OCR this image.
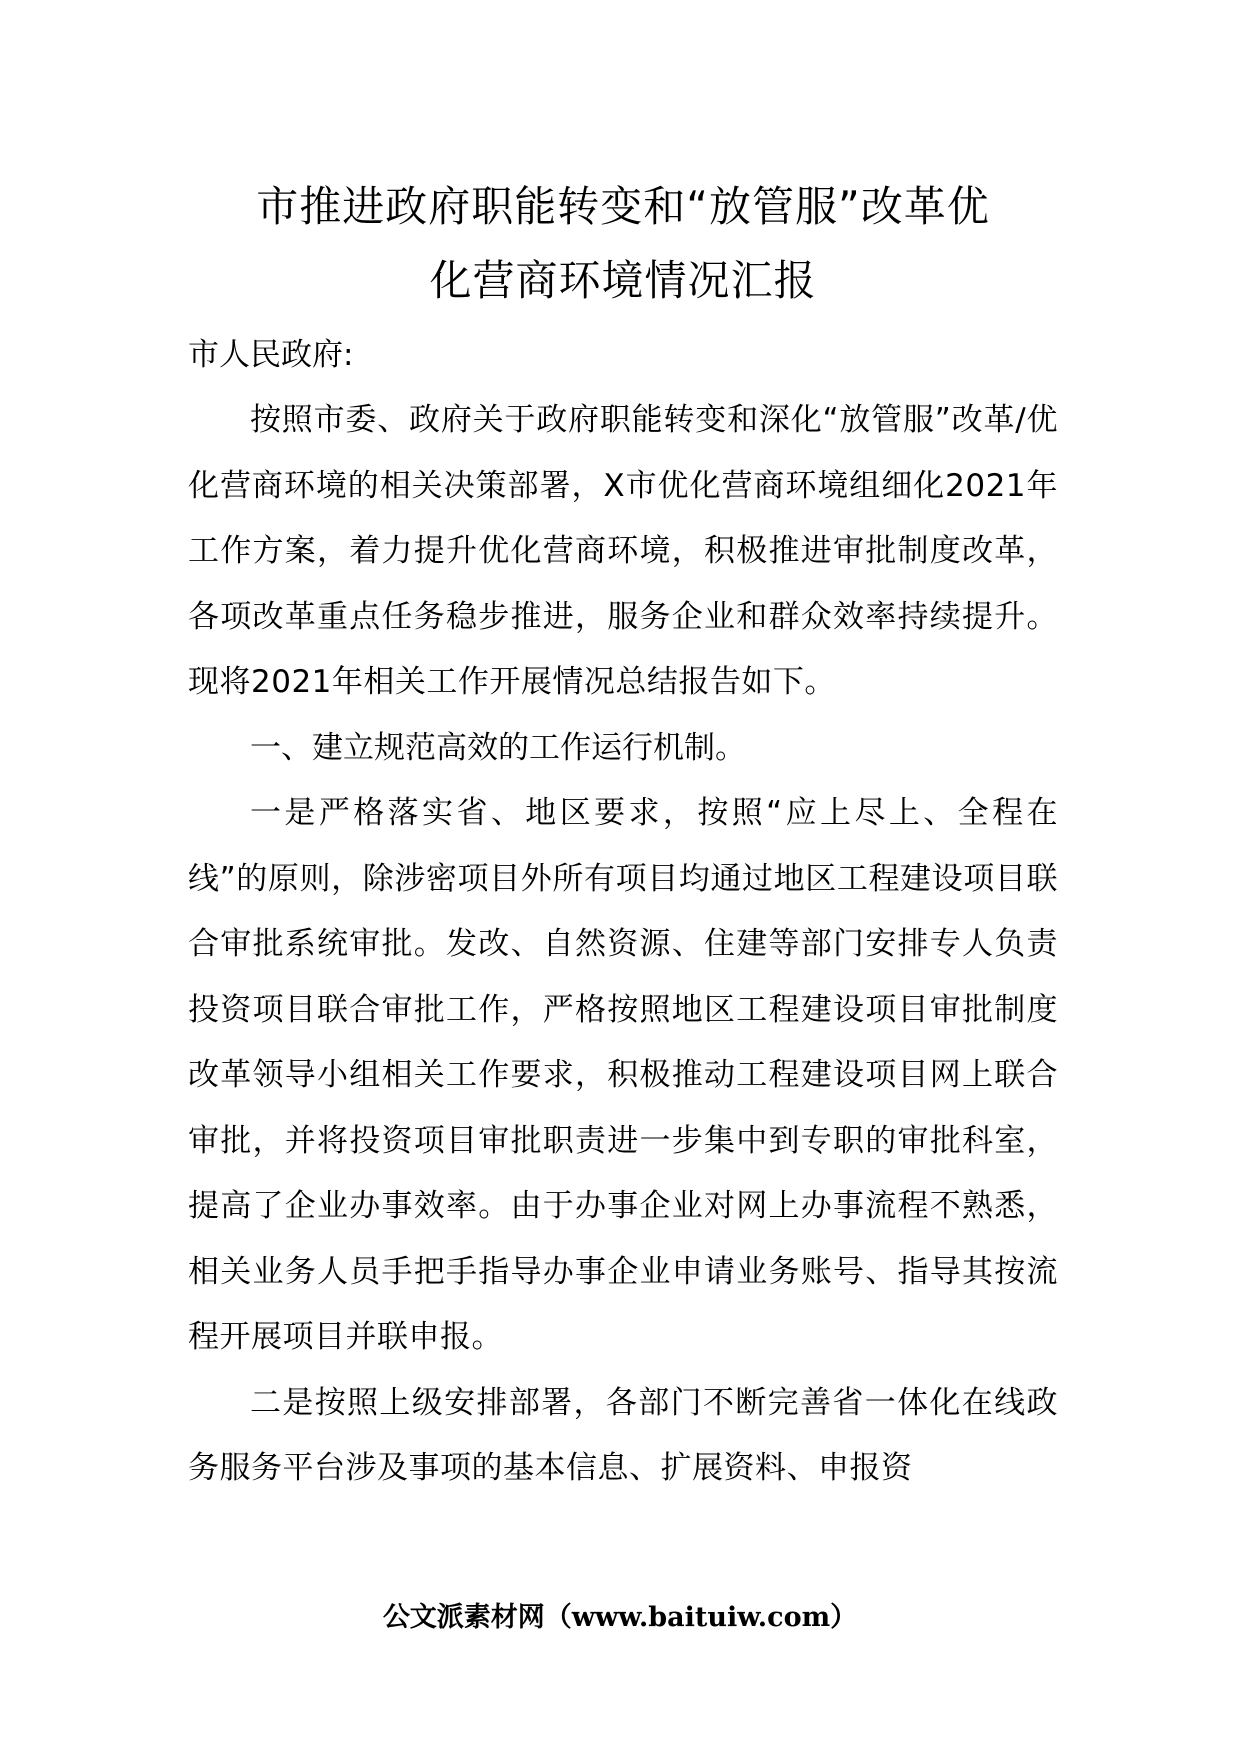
市推进政府职能转变和“放管服”改革优
化营商环境情况汇报

市人民政府:

按照市委、政府关于政府职能转变和深化“放管服”改革/优化营商环境的相关决策部署，X市优化营商环境组细化2021年工作方案，着力提升优化营商环境，积极推进审批制度改革，各项改革重点任务稳步推进，服务企业和群众效率持续提升。现将2021年相关工作开展情况总结报告如下。

一、建立规范高效的工作运行机制。

一是严格落实省、地区要求，按照“应上尽上、全程在线”的原则，除涉密项目外所有项目均通过地区工程建设项目联合审批系统审批。发改、自然资源、住建等部门安排专人负责投资项目联合审批工作，严格按照地区工程建设项目审批制度改革领导小组相关工作要求，积极推动工程建设项目网上联合审批，并将投资项目审批职责进一步集中到专职的审批科室，提高了企业办事效率。由于办事企业对网上办事流程不熟悉，相关业务人员手把手指导办事企业申请业务账号、指导其按流程开展项目并联申报。

二是按照上级安排部署，各部门不断完善省一体化在线政务服务平台涉及事项的基本信息、扩展资料、申报资

公文派素材网（www.baituiw.com）
